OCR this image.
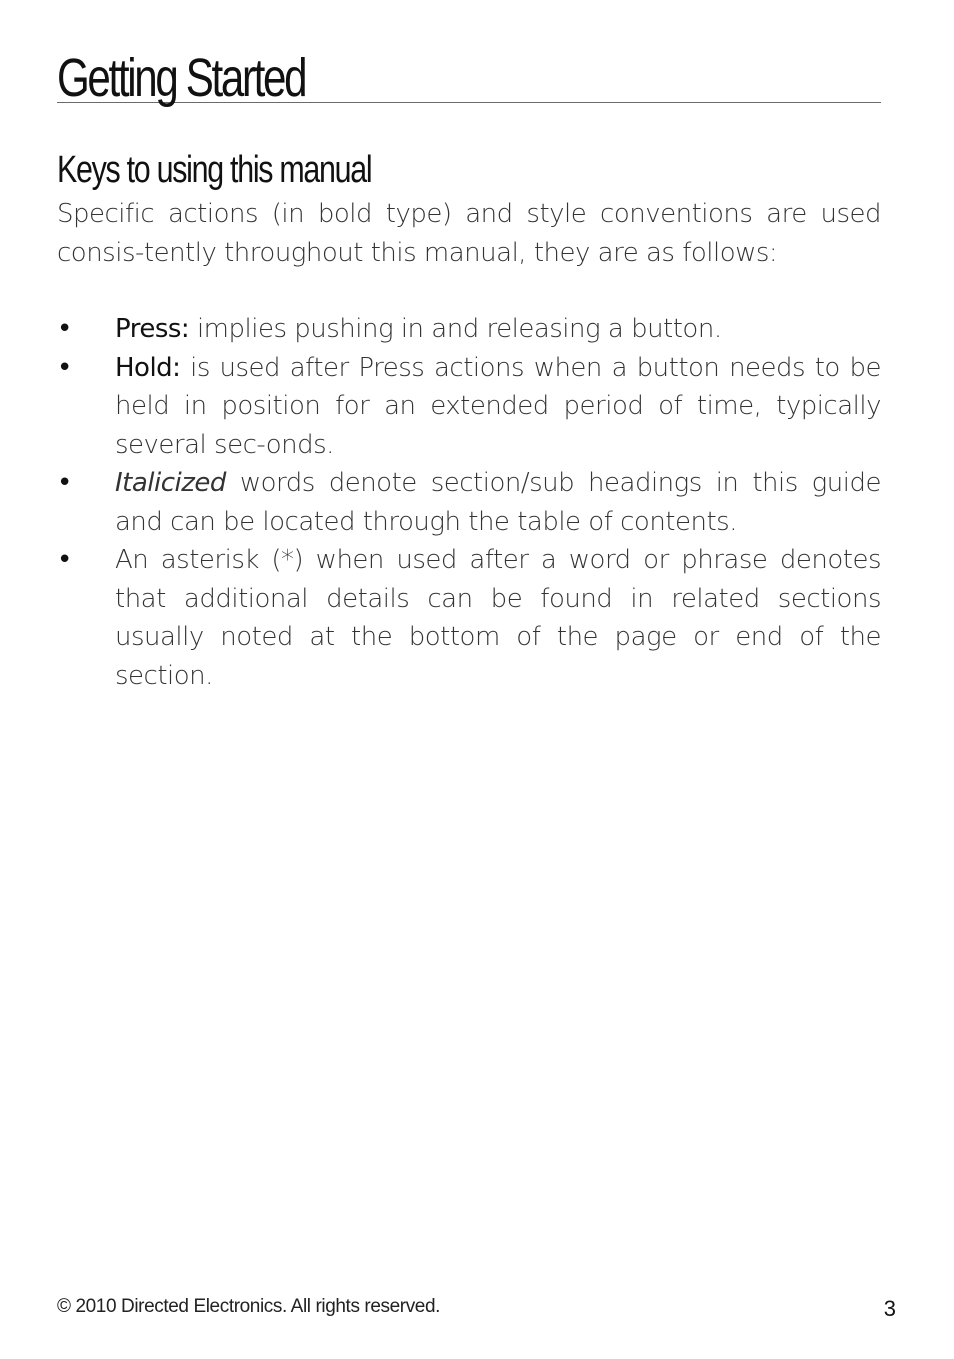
Getting Started
Keys to using this manual

Specific actions (in bold type) and style conventions are used consis-tently throughout this manual, they are as follows:

• Press: implies pushing in and releasing a button.
• Hold: is used after Press actions when a button needs to be held in position for an extended period of time, typically several sec-onds.
• Italicized words denote section/sub headings in this guide and can be located through the table of contents.
• An asterisk (*) when used after a word or phrase denotes that additional details can be found in related sections usually noted at the bottom of the page or end of the section.
© 2010 Directed Electronics. All rights reserved.	3
